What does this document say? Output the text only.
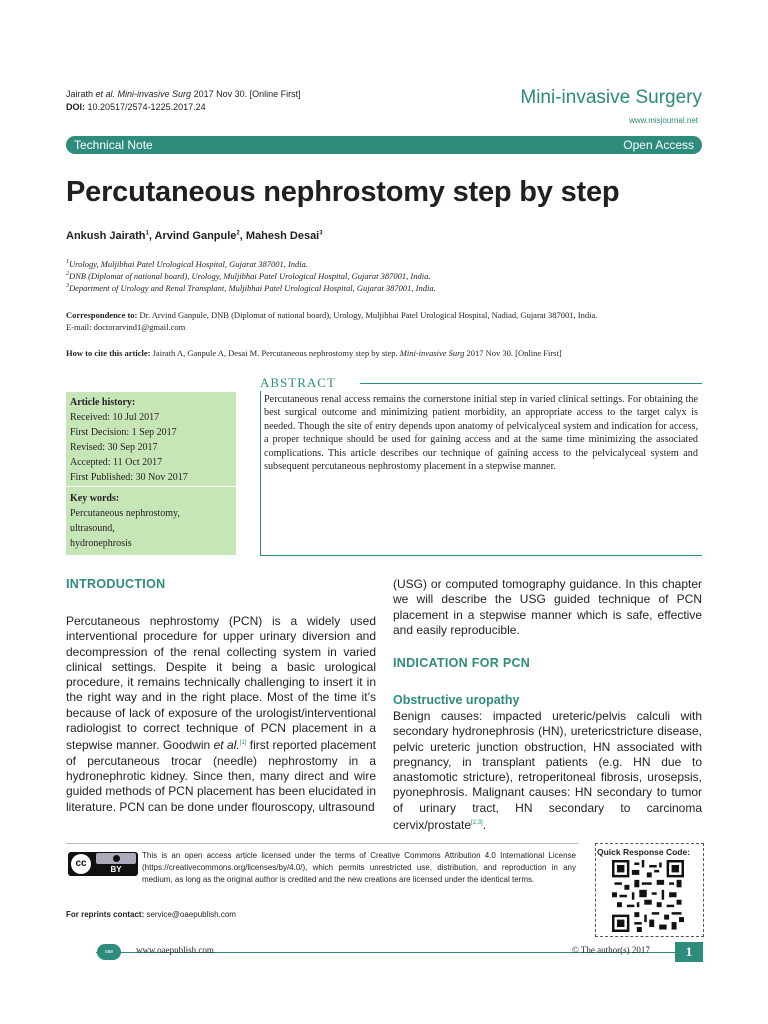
Jairath et al. Mini-invasive Surg 2017 Nov 30. [Online First]
DOI: 10.20517/2574-1225.2017.24	Mini-invasive Surgery
www.misjournal.net
Technical Note	Open Access
Percutaneous nephrostomy step by step
Ankush Jairath$^1$, Arvind Ganpule$^2$, Mahesh Desai$^3$
$^1$Urology, Muljibhai Patel Urological Hospital, Gujarat 387001, India.
$^2$DNB (Diplomat of national board), Urology, Muljibhai Patel Urological Hospital, Gujarat 387001, India.
$^3$Department of Urology and Renal Transplant, Muljibhai Patel Urological Hospital, Gujarat 387001, India.
Correspondence to: Dr. Arvind Ganpule, DNB (Diplomat of national board), Urology, Muljibhai Patel Urological Hospital, Nadiad, Gujarat 387001, India.
E-mail: doctorarvind1@gmail.com
How to cite this article: Jairath A, Ganpule A, Desai M. Percutaneous nephrostomy step by step. Mini-invasive Surg 2017 Nov 30. [Online First]
Article history:
Received: 10 Jul 2017
First Decision: 1 Sep 2017
Revised: 30 Sep 2017
Accepted: 11 Oct 2017
First Published: 30 Nov 2017
Key words:
Percutaneous nephrostomy,
ultrasound,
hydronephrosis
ABSTRACT
Percutaneous renal access remains the cornerstone initial step in varied clinical settings. For obtaining the best surgical outcome and minimizing patient morbidity, an appropriate access to the target calyx is needed. Though the site of entry depends upon anatomy of pelvicalyceal system and indication for access, a proper technique should be used for gaining access and at the same time minimizing the associated complications. This article describes our technique of gaining access to the pelvicalyceal system and subsequent percutaneous nephrostomy placement in a stepwise manner.
INTRODUCTION
Percutaneous nephrostomy (PCN) is a widely used interventional procedure for upper urinary diversion and decompression of the renal collecting system in varied clinical settings. Despite it being a basic urological procedure, it remains technically challenging to insert it in the right way and in the right place. Most of the time it’s because of lack of exposure of the urologist/interventional radiologist to correct technique of PCN placement in a stepwise manner. Goodwin et al.[1] first reported placement of percutaneous trocar (needle) nephrostomy in a hydronephrotic kidney. Since then, many direct and wire guided methods of PCN placement has been elucidated in literature. PCN can be done under flouroscopy, ultrasound
(USG) or computed tomography guidance. In this chapter we will describe the USG guided technique of PCN placement in a stepwise manner which is safe, effective and easily reproducible.
INDICATION FOR PCN
Obstructive uropathy
Benign causes: impacted ureteric/pelvis calculi with secondary hydronephrosis (HN), uretericstricture disease, pelvic ureteric junction obstruction, HN associated with pregnancy, in transplant patients (e.g. HN due to anastomotic stricture), retroperitoneal fibrosis, urosepsis, pyonephrosis. Malignant causes: HN secondary to tumor of urinary tract, HN secondary to carcinoma cervix/prostate[2,3].
cc
BY
This is an open access article licensed under the terms of Creative Commons Attribution 4.0 International License (https://creativecommons.org/licenses/by/4.0/), which permits unrestricted use, distribution, and reproduction in any medium, as long as the original author is credited and the new creations are licensed under the identical terms.
For reprints contact: service@oaepublish.com
Quick Response Code:
oae	www.oaepublish.com	© The author(s) 2017	1
